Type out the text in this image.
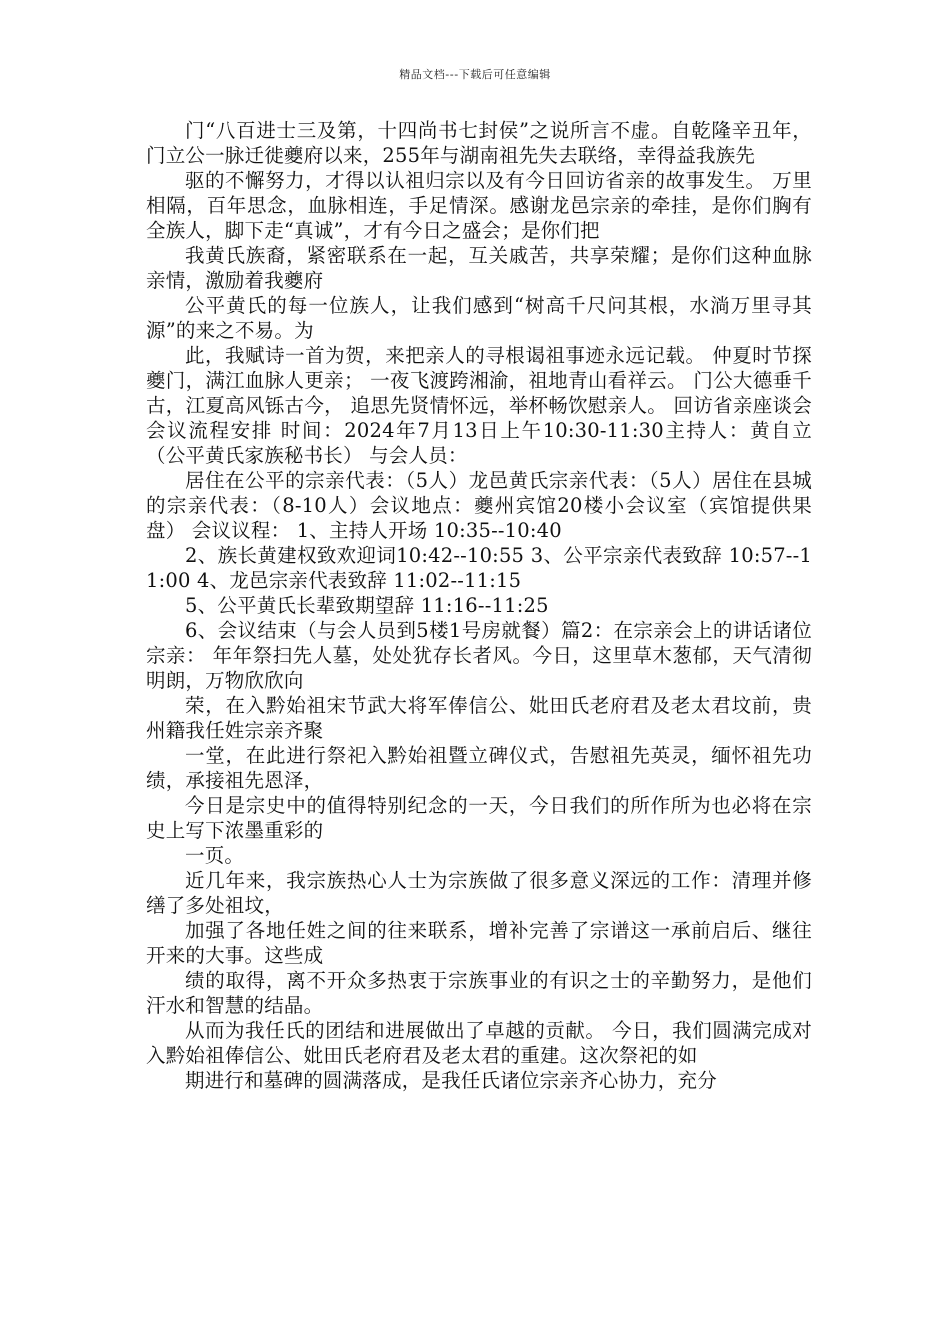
精品文档---下载后可任意编辑

门“八百进士三及第，十四尚书七封侯”之说所言不虚。自乾隆辛丑年，门立公一脉迁徙夔府以来，255年与湖南祖先失去联络，幸得益我族先

驱的不懈努力，才得以认祖归宗以及有今日回访省亲的故事发生。 万里相隔，百年思念，血脉相连，手足情深。感谢龙邑宗亲的牵挂，是你们胸有全族人，脚下走“真诚”，才有今日之盛会；是你们把

我黄氏族裔，紧密联系在一起，互关戚苦，共享荣耀；是你们这种血脉亲情，激励着我夔府

公平黄氏的每一位族人，让我们感到“树高千尺问其根，水淌万里寻其源”的来之不易。为

此，我赋诗一首为贺，来把亲人的寻根谒祖事迹永远记载。 仲夏时节探夔门，满江血脉人更亲； 一夜飞渡跨湘渝，祖地青山看祥云。 门公大德垂千古，江夏高风铄古今， 追思先贤情怀远，举杯畅饮慰亲人。 回访省亲座谈会会议流程安排 时间：2024年7月13日上午10:30-11:30主持人：黄自立（公平黄氏家族秘书长） 与会人员：

居住在公平的宗亲代表：（5人）龙邑黄氏宗亲代表：（5人）居住在县城的宗亲代表：（8-10人）会议地点：夔州宾馆20楼小会议室（宾馆提供果盘） 会议议程： 1、主持人开场 10:35--10:40

2、族长黄建权致欢迎词10:42--10:55 3、公平宗亲代表致辞 10:57--11:00 4、龙邑宗亲代表致辞 11:02--11:15

5、公平黄氏长辈致期望辞 11:16--11:25

6、会议结束（与会人员到5楼1号房就餐）篇2：在宗亲会上的讲话诸位宗亲： 年年祭扫先人墓，处处犹存长者风。今日，这里草木葱郁，天气清彻明朗，万物欣欣向

荣，在入黔始祖宋节武大将军俸信公、妣田氏老府君及老太君坟前，贵州籍我任姓宗亲齐聚

一堂，在此进行祭祀入黔始祖暨立碑仪式，告慰祖先英灵，缅怀祖先功绩，承接祖先恩泽，

今日是宗史中的值得特别纪念的一天，今日我们的所作所为也必将在宗史上写下浓墨重彩的

一页。

近几年来，我宗族热心人士为宗族做了很多意义深远的工作：清理并修缮了多处祖坟，

加强了各地任姓之间的往来联系，增补完善了宗谱这一承前启后、继往开来的大事。这些成

绩的取得，离不开众多热衷于宗族事业的有识之士的辛勤努力，是他们汗水和智慧的结晶。

从而为我任氏的团结和进展做出了卓越的贡献。 今日，我们圆满完成对入黔始祖俸信公、妣田氏老府君及老太君的重建。这次祭祀的如

期进行和墓碑的圆满落成，是我任氏诸位宗亲齐心协力，充分
